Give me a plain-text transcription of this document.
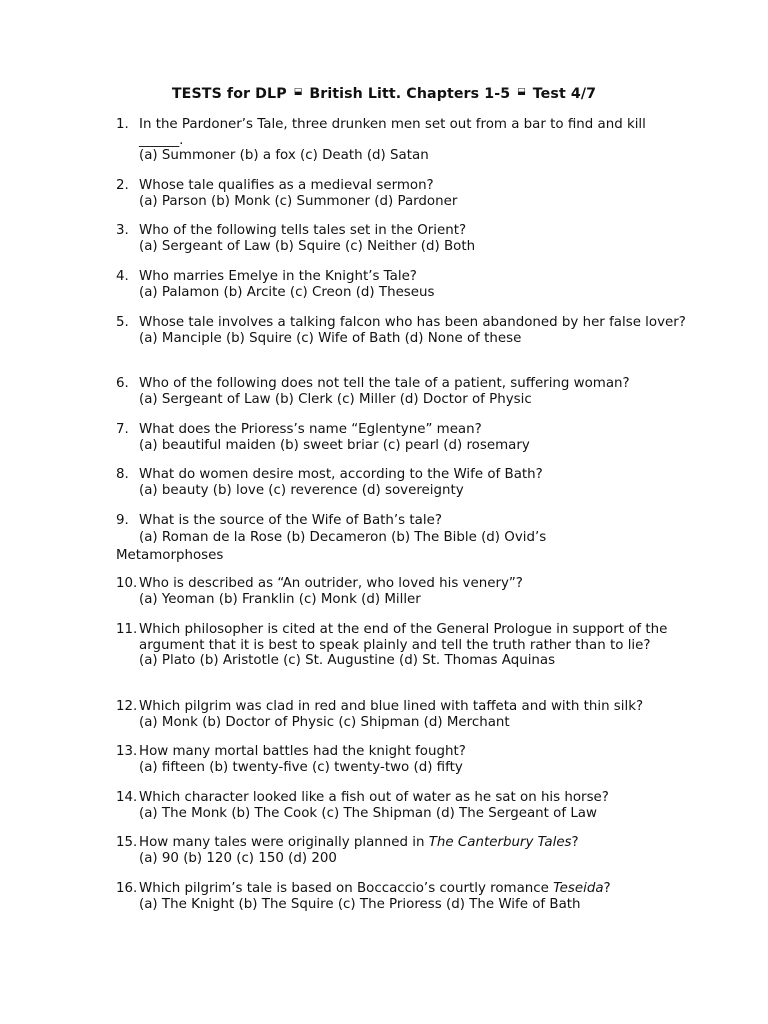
TESTS for DLP ⬓ British Litt. Chapters 1-5 ⬓ Test 4/7
1. In the Pardoner’s Tale, three drunken men set out from a bar to find and kill ______.
(a) Summoner (b) a fox (c) Death (d) Satan
2. Whose tale qualifies as a medieval sermon?
(a) Parson (b) Monk (c) Summoner (d) Pardoner
3. Who of the following tells tales set in the Orient?
(a) Sergeant of Law (b) Squire (c) Neither (d) Both
4. Who marries Emelye in the Knight’s Tale?
(a) Palamon (b) Arcite (c) Creon (d) Theseus
5. Whose tale involves a talking falcon who has been abandoned by her false lover?
(a) Manciple (b) Squire (c) Wife of Bath (d) None of these
6. Who of the following does not tell the tale of a patient, suffering woman?
(a) Sergeant of Law (b) Clerk (c) Miller (d) Doctor of Physic
7. What does the Prioress’s name “Eglentyne” mean?
(a) beautiful maiden (b) sweet briar (c) pearl (d) rosemary
8. What do women desire most, according to the Wife of Bath?
(a) beauty (b) love (c) reverence (d) sovereignty
9. What is the source of the Wife of Bath’s tale?
(a) Roman de la Rose (b) Decameron (b) The Bible (d) Ovid’s Metamorphoses
10. Who is described as “An outrider, who loved his venery”?
(a) Yeoman (b) Franklin (c) Monk (d) Miller
11. Which philosopher is cited at the end of the General Prologue in support of the argument that it is best to speak plainly and tell the truth rather than to lie?
(a) Plato (b) Aristotle (c) St. Augustine (d) St. Thomas Aquinas
12. Which pilgrim was clad in red and blue lined with taffeta and with thin silk?
(a) Monk (b) Doctor of Physic (c) Shipman (d) Merchant
13. How many mortal battles had the knight fought?
(a) fifteen (b) twenty-five (c) twenty-two (d) fifty
14. Which character looked like a fish out of water as he sat on his horse?
(a) The Monk (b) The Cook (c) The Shipman (d) The Sergeant of Law
15. How many tales were originally planned in The Canterbury Tales?
(a) 90 (b) 120 (c) 150 (d) 200
16. Which pilgrim’s tale is based on Boccaccio’s courtly romance Teseida?
(a) The Knight (b) The Squire (c) The Prioress (d) The Wife of Bath
